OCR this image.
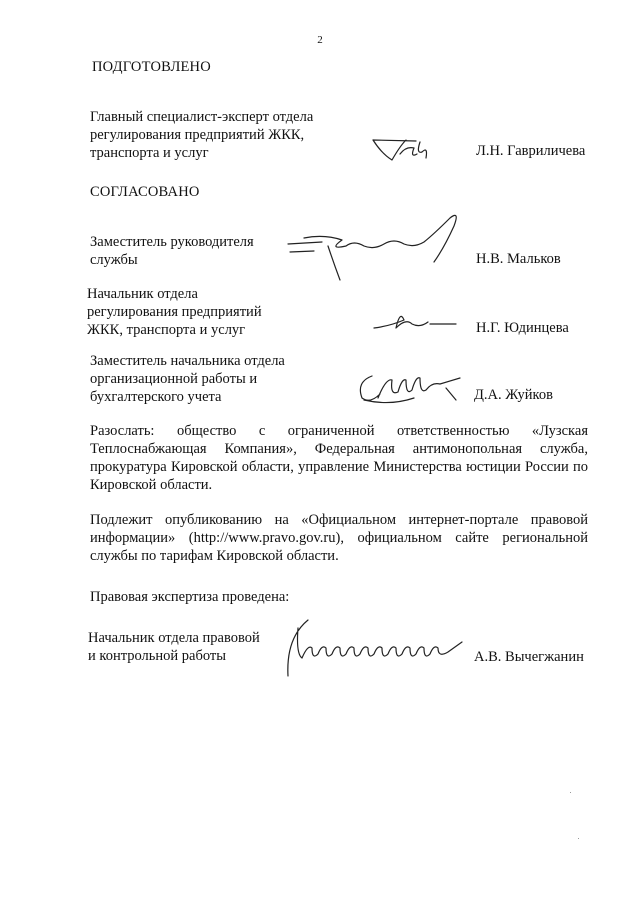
2
ПОДГОТОВЛЕНО
Главный специалист-эксперт отдела
регулирования предприятий ЖКК,
транспорта и услуг	Л.Н. Гавриличева
СОГЛАСОВАНО
Заместитель руководителя
службы	Н.В. Мальков
Начальник отдела
регулирования предприятий
ЖКК, транспорта и услуг	Н.Г. Юдинцева
Заместитель начальника отдела
организационной работы и
бухгалтерского учета	Д.А. Жуйков
Разослать: общество с ограниченной ответственностью «Лузская Теплоснабжающая Компания», Федеральная антимонопольная служба, прокуратура Кировской области, управление Министерства юстиции России по Кировской области.
Подлежит опубликованию на «Официальном интернет-портале правовой информации» (http://www.pravo.gov.ru), официальном сайте региональной службы по тарифам Кировской области.
Правовая экспертиза проведена:
Начальник отдела правовой
и контрольной работы	А.В. Вычегжанин
